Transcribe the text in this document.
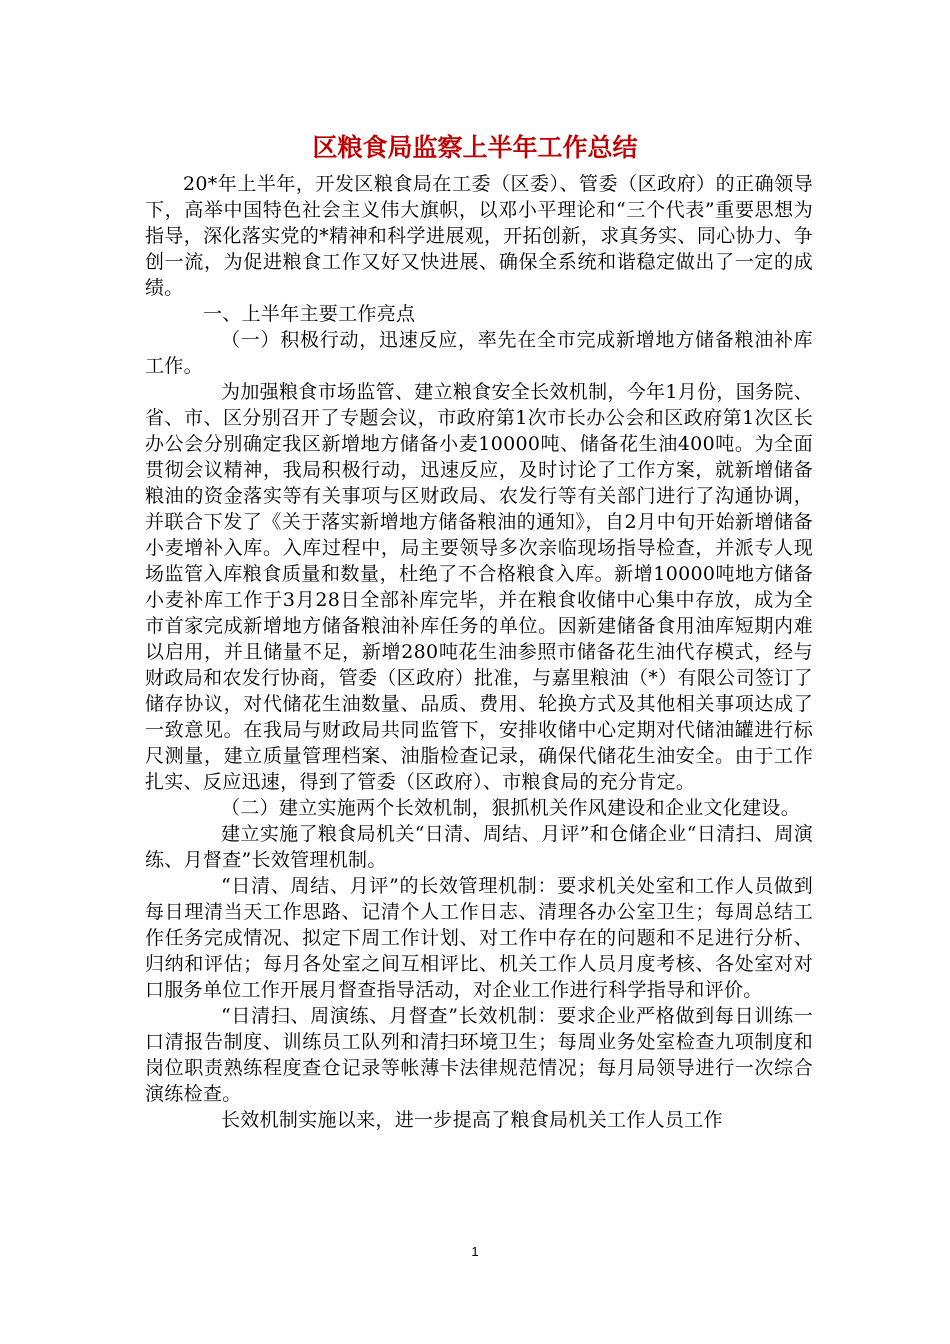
区粮食局监察上半年工作总结

20*年上半年，开发区粮食局在工委（区委）、管委（区政府）的正确领导下，高举中国特色社会主义伟大旗帜，以邓小平理论和“三个代表”重要思想为指导，深化落实党的*精神和科学进展观，开拓创新，求真务实、同心协力、争创一流，为促进粮食工作又好又快进展、确保全系统和谐稳定做出了一定的成绩。

一、上半年主要工作亮点

（一）积极行动，迅速反应，率先在全市完成新增地方储备粮油补库工作。

为加强粮食市场监管、建立粮食安全长效机制，今年1月份，国务院、省、市、区分别召开了专题会议，市政府第1次市长办公会和区政府第1次区长办公会分别确定我区新增地方储备小麦10000吨、储备花生油400吨。为全面贯彻会议精神，我局积极行动，迅速反应，及时讨论了工作方案，就新增储备粮油的资金落实等有关事项与区财政局、农发行等有关部门进行了沟通协调，并联合下发了《关于落实新增地方储备粮油的通知》，自2月中旬开始新增储备小麦增补入库。入库过程中，局主要领导多次亲临现场指导检查，并派专人现场监管入库粮食质量和数量，杜绝了不合格粮食入库。新增10000吨地方储备小麦补库工作于3月28日全部补库完毕，并在粮食收储中心集中存放，成为全市首家完成新增地方储备粮油补库任务的单位。因新建储备食用油库短期内难以启用，并且储量不足，新增280吨花生油参照市储备花生油代存模式，经与财政局和农发行协商，管委（区政府）批准，与嘉里粮油（*）有限公司签订了储存协议，对代储花生油数量、品质、费用、轮换方式及其他相关事项达成了一致意见。在我局与财政局共同监管下，安排收储中心定期对代储油罐进行标尺测量，建立质量管理档案、油脂检查记录，确保代储花生油安全。由于工作扎实、反应迅速，得到了管委（区政府）、市粮食局的充分肯定。

（二）建立实施两个长效机制，狠抓机关作风建设和企业文化建设。

建立实施了粮食局机关“日清、周结、月评”和仓储企业“日清扫、周演练、月督查”长效管理机制。

“日清、周结、月评”的长效管理机制：要求机关处室和工作人员做到每日理清当天工作思路、记清个人工作日志、清理各办公室卫生；每周总结工作任务完成情况、拟定下周工作计划、对工作中存在的问题和不足进行分析、归纳和评估；每月各处室之间互相评比、机关工作人员月度考核、各处室对对口服务单位工作开展月督查指导活动，对企业工作进行科学指导和评价。

“日清扫、周演练、月督查”长效机制：要求企业严格做到每日训练一口清报告制度、训练员工队列和清扫环境卫生；每周业务处室检查九项制度和岗位职责熟练程度查仓记录等帐薄卡法律规范情况；每月局领导进行一次综合演练检查。

长效机制实施以来，进一步提高了粮食局机关工作人员工作

1
